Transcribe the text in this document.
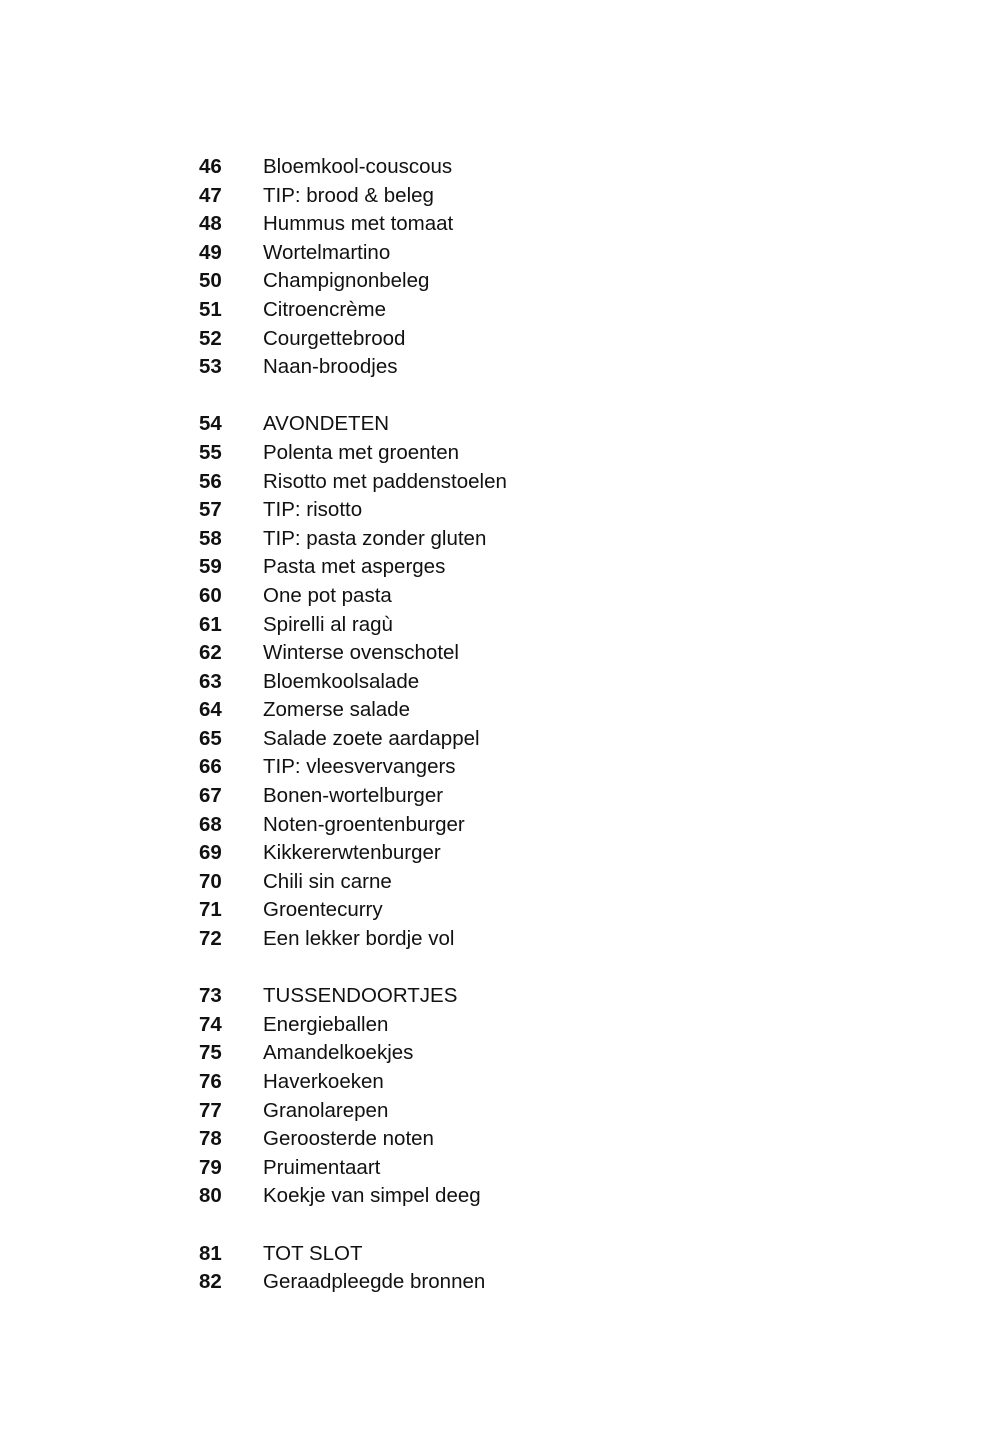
46	Bloemkool-couscous
47	TIP: brood & beleg
48	Hummus met tomaat
49	Wortelmartino
50	Champignonbeleg
51	Citroencrème
52	Courgettebrood
53	Naan-broodjes
54	AVONDETEN
55	Polenta met groenten
56	Risotto met paddenstoelen
57	TIP: risotto
58	TIP: pasta zonder gluten
59	Pasta met asperges
60	One pot pasta
61	Spirelli al ragù
62	Winterse ovenschotel
63	Bloemkoolsalade
64	Zomerse salade
65	Salade zoete aardappel
66	TIP: vleesvervangers
67	Bonen-wortelburger
68	Noten-groentenburger
69	Kikkererwtenburger
70	Chili sin carne
71	Groentecurry
72	Een lekker bordje vol
73	TUSSENDOORTJES
74	Energieballen
75	Amandelkoekjes
76	Haverkoeken
77	Granolarepen
78	Geroosterde noten
79	Pruimentaart
80	Koekje van simpel deeg
81	TOT SLOT
82	Geraadpleegde bronnen
